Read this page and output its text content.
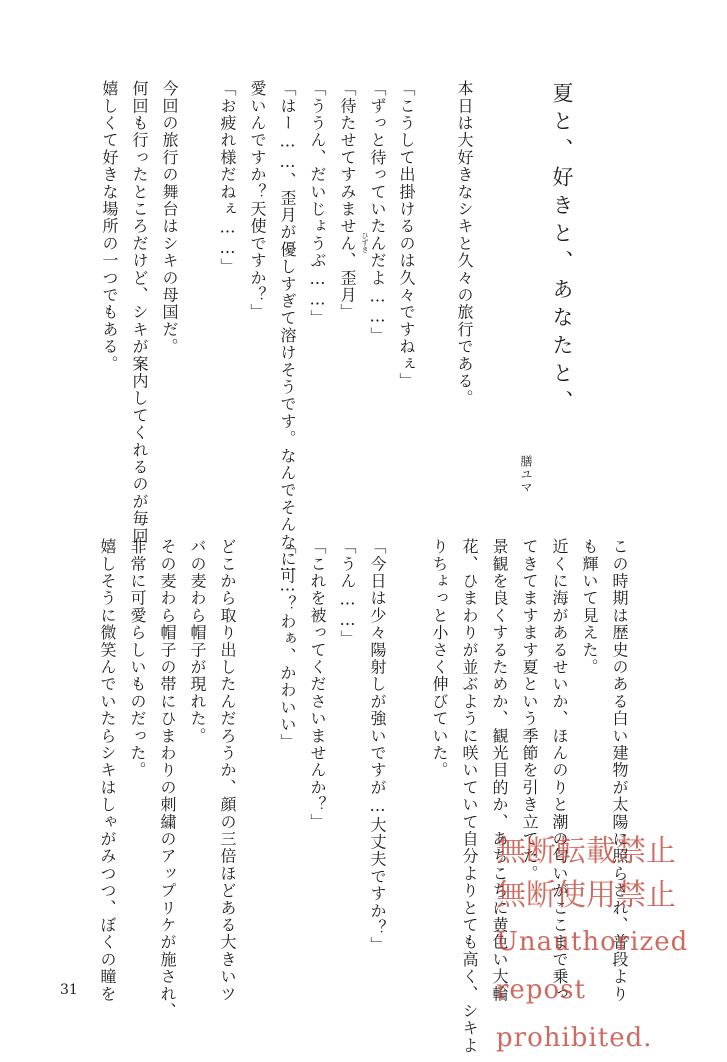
夏と、好きと、あなたと、
膳ユマ
本日は大好きなシキと久々の旅行である。
「こうして出掛けるのは久々ですねぇ」
「ずっと待っていたんだよ……」
「待たせてすみません、歪月」 ひずき
「ううん、だいじょうぶ……」
「はー……、歪月が優しすぎて溶けそうです。なんでそんなに可
愛いんですか？天使ですか？」
「お疲れ様だねぇ……」
今回の旅行の舞台はシキの母国だ。
何回も行ったところだけど、シキが案内してくれるのが毎回
嬉しくて好きな場所の一つでもある。
この時期は歴史のある白い建物が太陽に照らされ、普段より
も輝いて見えた。
近くに海があるせいか、ほんのりと潮の匂いがここまで乗っ
てきてますます夏という季節を引き立てた。
景観を良くするためか、観光目的か、あちこちに黄色い大輪
花、ひまわりが並ぶように咲いていて自分よりとても高く、シキよ
りちょっと小さく伸びていた。
「今日は少々陽射しが強いですが…大丈夫ですか？」
「うん……」
「これを被ってくださいませんか？」
「……？わぁ、かわいい」
どこから取り出したんだろうか、顔の三倍ほどある大きいツ
バの麦わら帽子が現れた。
その麦わら帽子の帯にひまわりの刺繍のアップリケが施され、
非常に可愛らしいものだった。
嬉しそうに微笑んでいたらシキはしゃがみつつ、ぼくの瞳を
31
無断転載禁止
無断使用禁止
Unauthorized
repost prohibited.
